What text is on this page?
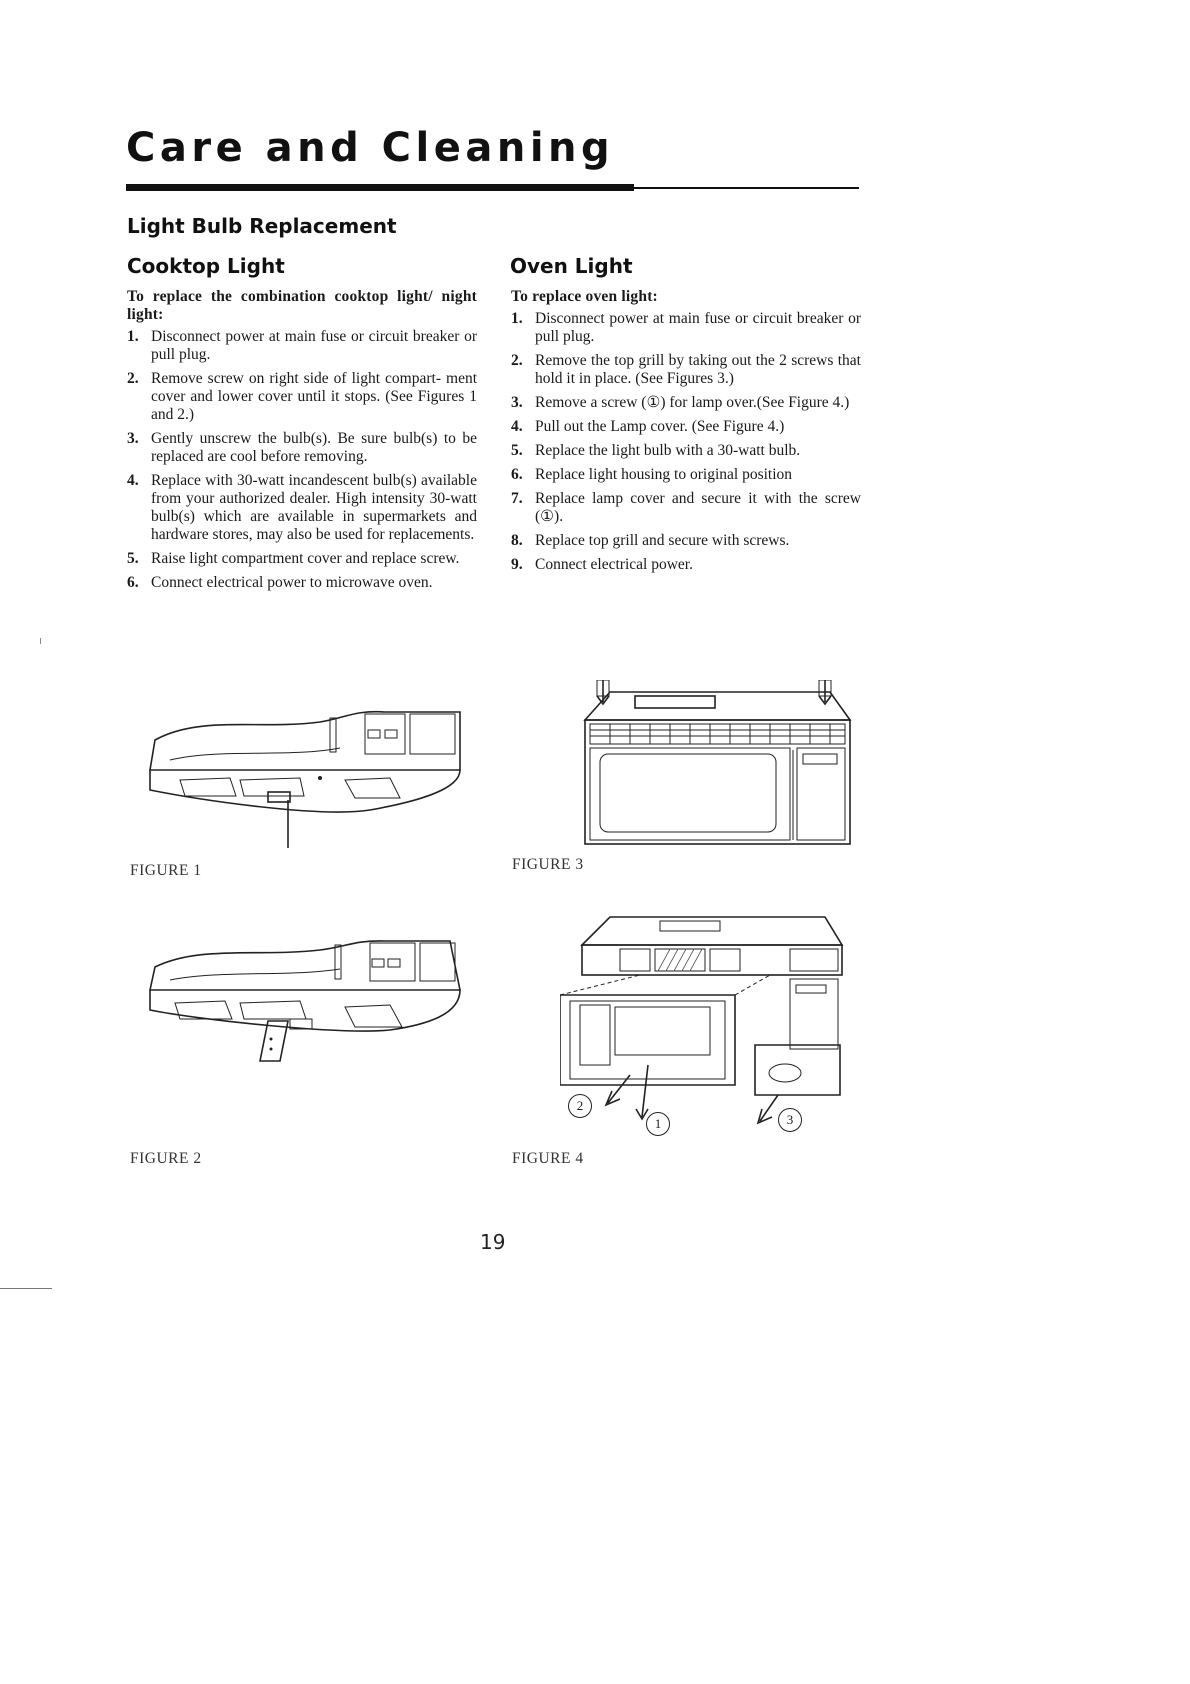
Care and Cleaning
Light Bulb Replacement
Cooktop Light	Oven Light

To replace the combination cooktop light/ night light:

1. Disconnect power at main fuse or circuit breaker or pull plug.
2. Remove screw on right side of light compart- ment cover and lower cover until it stops. (See Figures 1 and 2.)
3. Gently unscrew the bulb(s). Be sure bulb(s) to be replaced are cool before removing.
4. Replace with 30-watt incandescent bulb(s) available from your authorized dealer. High intensity 30-watt bulb(s) which are available in supermarkets and hardware stores, may also be used for replacements.
5. Raise light compartment cover and replace screw.
6. Connect electrical power to microwave oven.

To replace oven light:

1. Disconnect power at main fuse or circuit breaker or pull plug.
2. Remove the top grill by taking out the 2 screws that hold it in place. (See Figures 3.)
3. Remove a screw (①) for lamp over.(See Figure 4.)
4. Pull out the Lamp cover. (See Figure 4.)
5. Replace the light bulb with a 30-watt bulb.
6. Replace light housing to original position
7. Replace lamp cover and secure it with the screw (①).
8. Replace top grill and secure with screws.
9. Connect electrical power.
2
1	3
FIGURE 1
FIGURE 2
FIGURE 3
FIGURE 4
19
